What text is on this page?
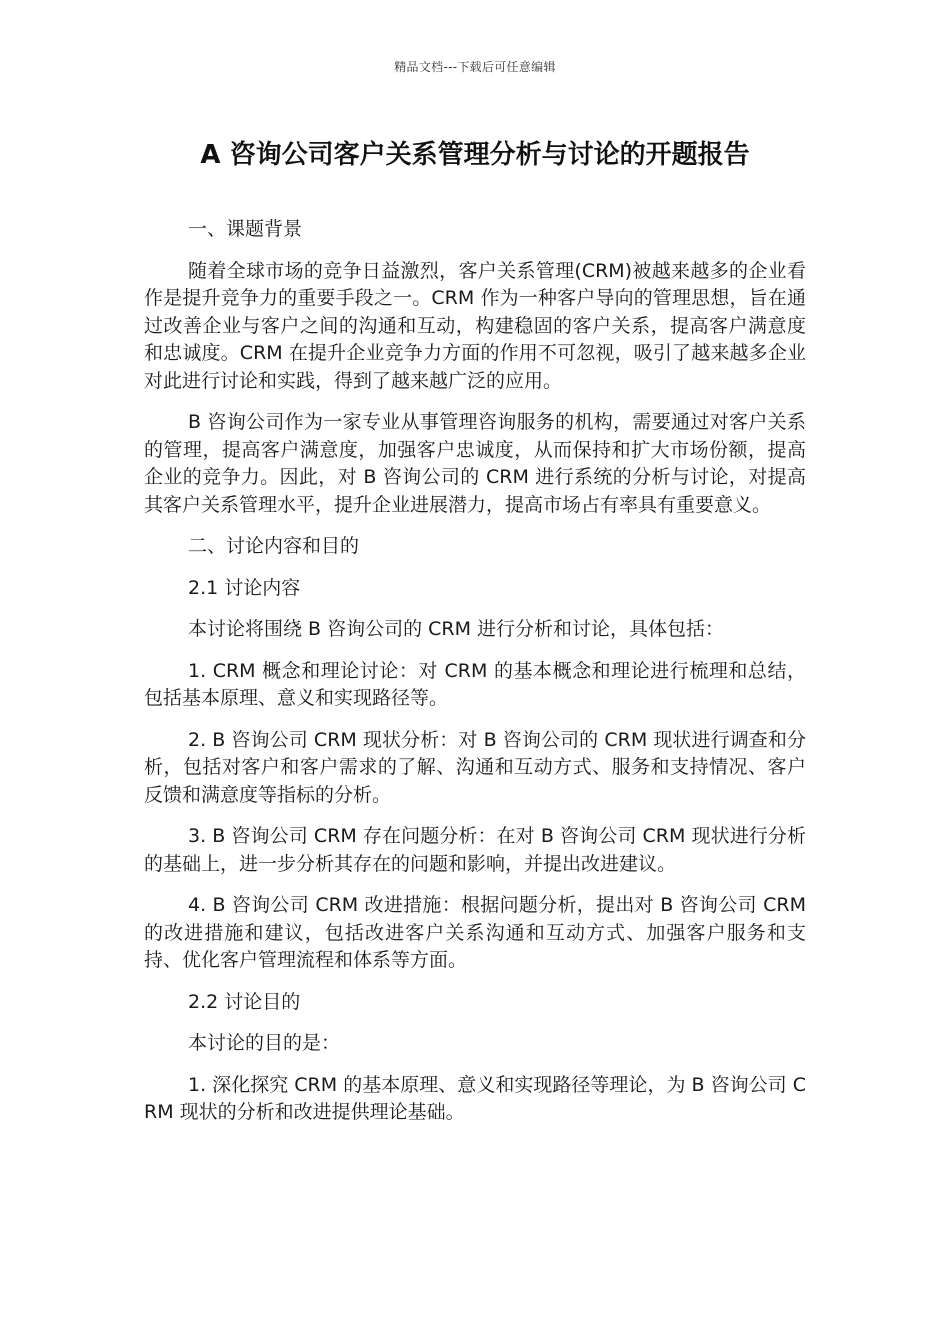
精品文档---下载后可任意编辑
A 咨询公司客户关系管理分析与讨论的开题报告

一、课题背景

随着全球市场的竞争日益激烈，客户关系管理(CRM)被越来越多的企业看作是提升竞争力的重要手段之一。CRM 作为一种客户导向的管理思想，旨在通过改善企业与客户之间的沟通和互动，构建稳固的客户关系，提高客户满意度和忠诚度。CRM 在提升企业竞争力方面的作用不可忽视，吸引了越来越多企业对此进行讨论和实践，得到了越来越广泛的应用。

B 咨询公司作为一家专业从事管理咨询服务的机构，需要通过对客户关系的管理，提高客户满意度，加强客户忠诚度，从而保持和扩大市场份额，提高企业的竞争力。因此，对 B 咨询公司的 CRM 进行系统的分析与讨论，对提高其客户关系管理水平，提升企业进展潜力，提高市场占有率具有重要意义。

二、讨论内容和目的

2.1 讨论内容

本讨论将围绕 B 咨询公司的 CRM 进行分析和讨论，具体包括：

1. CRM 概念和理论讨论：对 CRM 的基本概念和理论进行梳理和总结，包括基本原理、意义和实现路径等。

2. B 咨询公司 CRM 现状分析：对 B 咨询公司的 CRM 现状进行调查和分析，包括对客户和客户需求的了解、沟通和互动方式、服务和支持情况、客户反馈和满意度等指标的分析。

3. B 咨询公司 CRM 存在问题分析：在对 B 咨询公司 CRM 现状进行分析的基础上，进一步分析其存在的问题和影响，并提出改进建议。

4. B 咨询公司 CRM 改进措施：根据问题分析，提出对 B 咨询公司 CRM 的改进措施和建议，包括改进客户关系沟通和互动方式、加强客户服务和支持、优化客户管理流程和体系等方面。

2.2 讨论目的

本讨论的目的是：

1. 深化探究 CRM 的基本原理、意义和实现路径等理论，为 B 咨询公司 CRM 现状的分析和改进提供理论基础。
